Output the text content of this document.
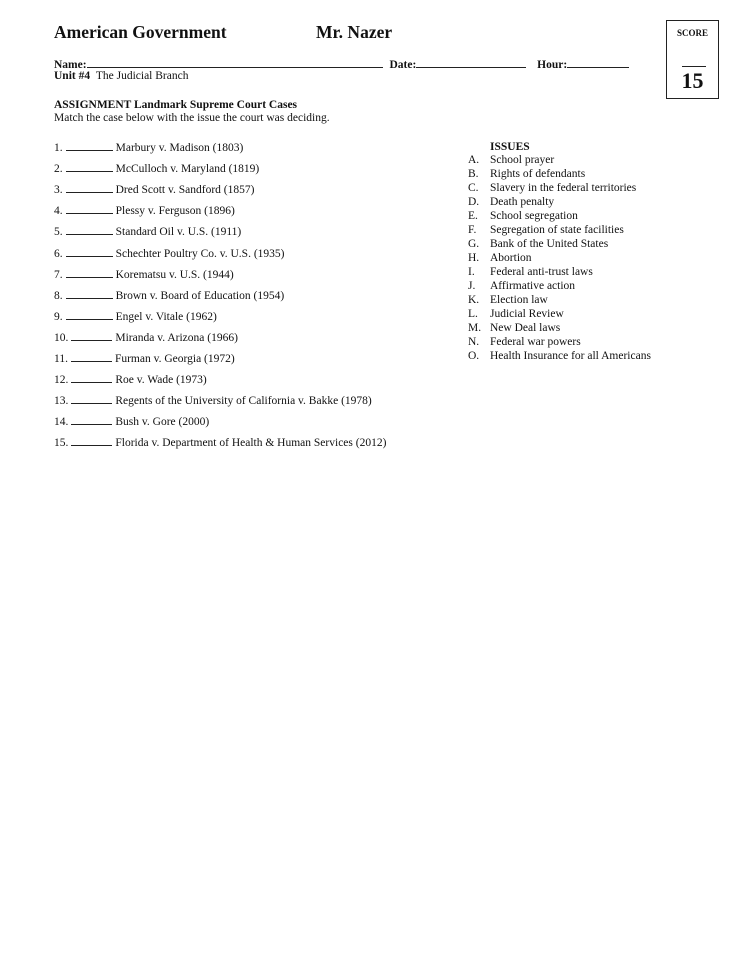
American Government	Mr. Nazer	SCORE
15
Name:	Date:	Hour:
Unit #4 The Judicial Branch
ASSIGNMENT Landmark Supreme Court Cases
Match the case below with the issue the court was deciding.
1.	Marbury v. Madison (1803)
2.	McCulloch v. Maryland (1819)
3.	Dred Scott v. Sandford (1857)
4.	Plessy v. Ferguson (1896)
5.	Standard Oil v. U.S. (1911)
6.	Schechter Poultry Co. v. U.S. (1935)
7.	Korematsu v. U.S. (1944)
8.	Brown v. Board of Education (1954)
9.	Engel v. Vitale (1962)
10.	Miranda v. Arizona (1966)
11.	Furman v. Georgia (1972)
12.	Roe v. Wade (1973)
13.	Regents of the University of California v. Bakke (1978)
14.	Bush v. Gore (2000)
15.	Florida v. Department of Health & Human Services (2012)
ISSUES
A. School prayer
B. Rights of defendants
C. Slavery in the federal territories
D. Death penalty
E.	School segregation
F.	Segregation of state facilities
G. Bank of the United States
H. Abortion
I.	Federal anti-trust laws
J.	Affirmative action
K. Election law
L.	Judicial Review
M. New Deal laws
N. Federal war powers
O. Health Insurance for all Americans
